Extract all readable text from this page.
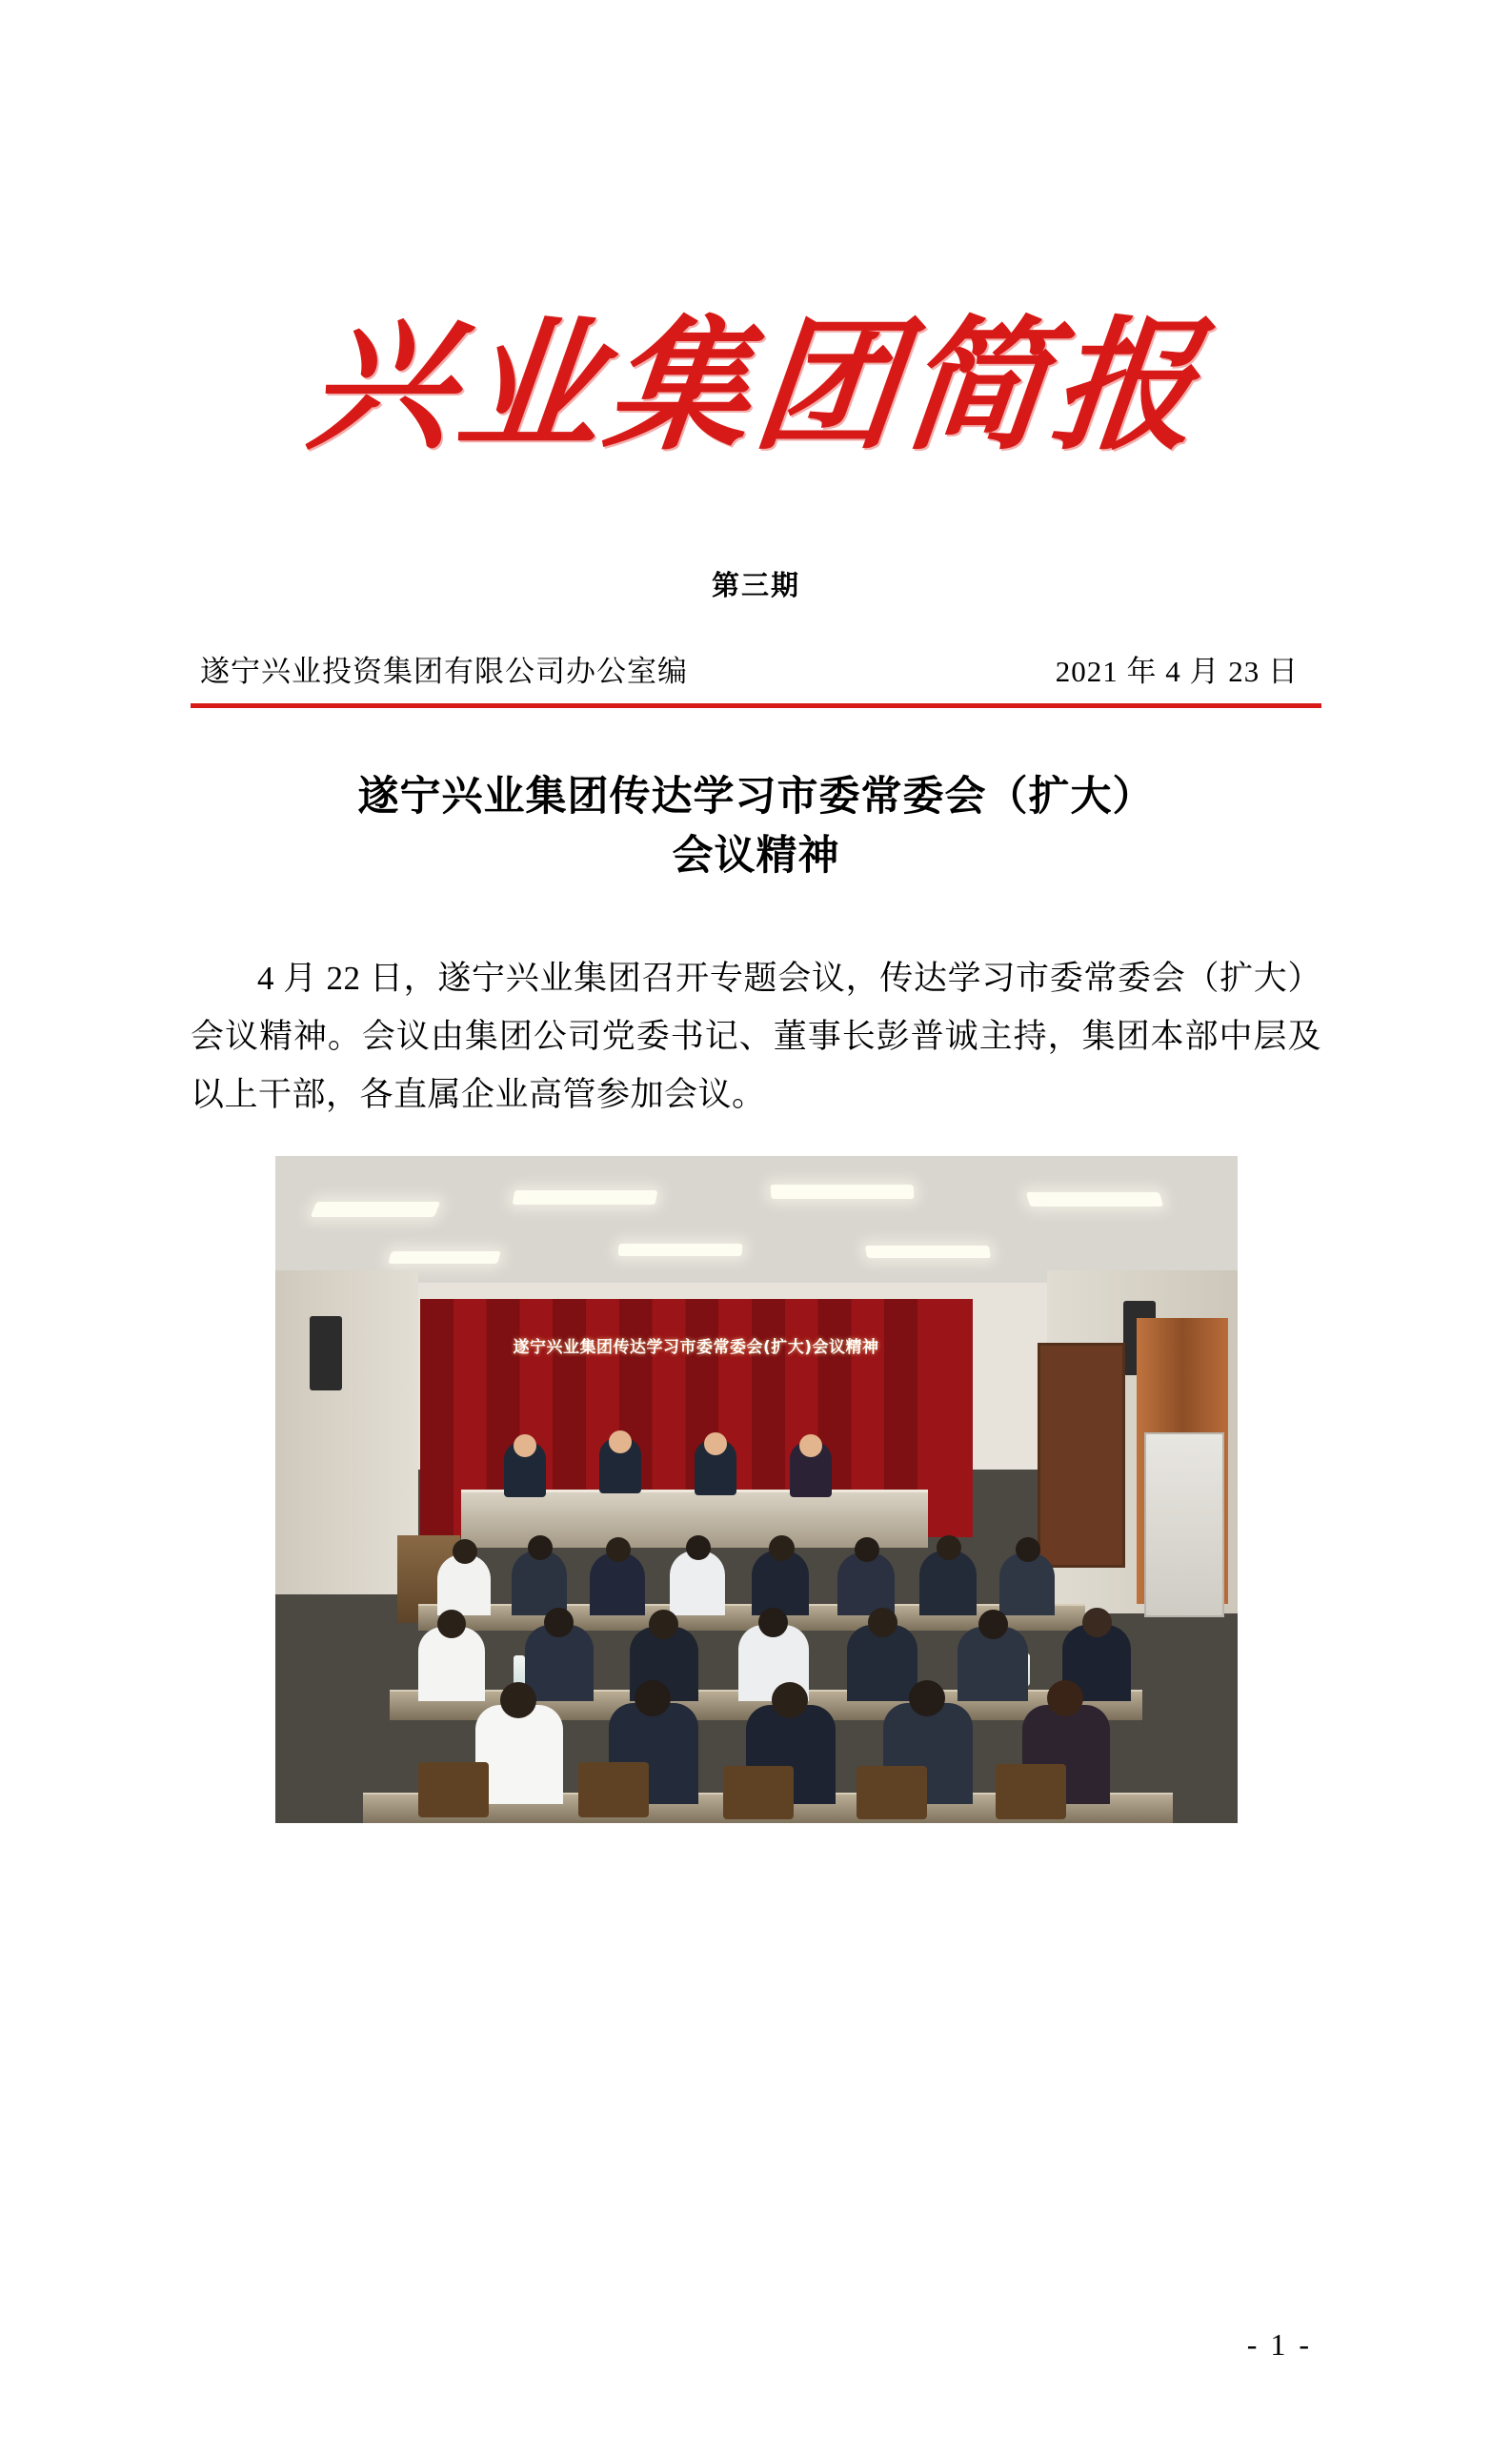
兴业集团简报
第三期
遂宁兴业投资集团有限公司办公室编	2021 年 4 月 23 日
遂宁兴业集团传达学习市委常委会（扩大）
会议精神
4 月 22 日，遂宁兴业集团召开专题会议，传达学习市委常委会（扩大）会议精神。会议由集团公司党委书记、董事长彭普诚主持，集团本部中层及以上干部，各直属企业高管参加会议。
遂宁兴业集团传达学习市委常委会(扩大)会议精神
- 1 -
